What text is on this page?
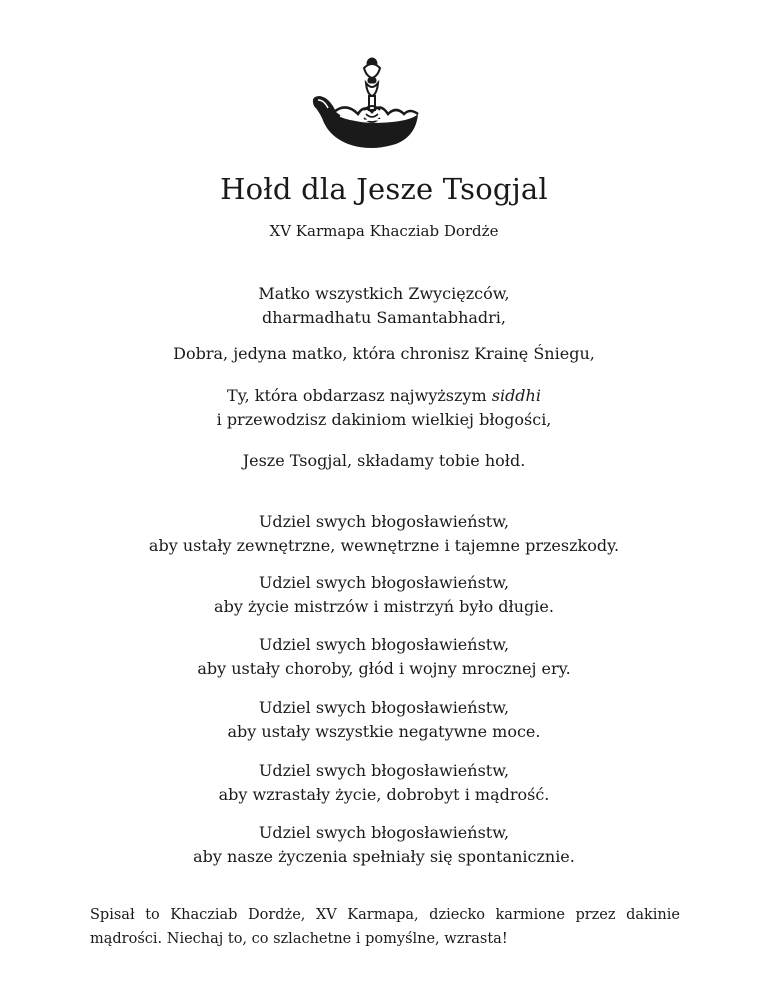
Hołd dla Jesze Tsogjal
XV Karmapa Khacziab Dordże
Matko wszystkich Zwycięzców,
dharmadhatu Samantabhadri,
Dobra, jedyna matko, która chronisz Krainę Śniegu,
Ty, która obdarzasz najwyższym siddhi
i przewodzisz dakiniom wielkiej błogości,
Jesze Tsogjal, składamy tobie hołd.
Udziel swych błogosławieństw,
aby ustały zewnętrzne, wewnętrzne i tajemne przeszkody.
Udziel swych błogosławieństw,
aby życie mistrzów i mistrzyń było długie.
Udziel swych błogosławieństw,
aby ustały choroby, głód i wojny mrocznej ery.
Udziel swych błogosławieństw,
aby ustały wszystkie negatywne moce.
Udziel swych błogosławieństw,
aby wzrastały życie, dobrobyt i mądrość.
Udziel swych błogosławieństw,
aby nasze życzenia spełniały się spontanicznie.
Spisał to Khacziab Dordże, XV Karmapa, dziecko karmione przez dakinie mądrości. Niechaj to, co szlachetne i pomyślne, wzrasta!
